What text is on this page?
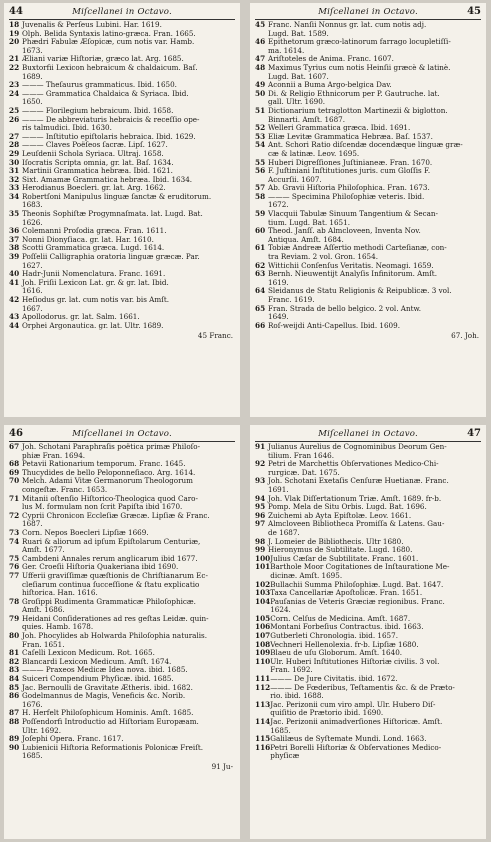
44	Miſcellanei in Octavo.
18 Juvenalis & Perſeus Lubini. Har. 1619.
19 Olph. Belida Syntaxis latino-græca. Fran. 1665.
20 Phædri Fabulæ Æſopicæ, cum notis var. Hamb.
1673.
21 Æliani variæ Hiſtoriæ, græco lat. Arg. 1685.
22 Buxtorfii Lexicon hebraicum & chaldaicum. Baſ.
1689.
23 ——— Theſaurus grammaticus. Ibid. 1650.
24 ——— Grammatica Chaldaica & Syriaca. Ibid.
1650.
25 ——— Florilegium hebraicum. Ibid. 1658.
26 ——— De abbreviaturis hebraicis & receſſio ope-
ris talmudici. Ibid. 1630.
27 ——— Inſtitutio epiſtolaris hebraica. Ibid. 1629.
28 ——— Claves Poëſeos ſacræ. Lipſ. 1627.
29 Leuſdenii Schola Syriaca. Ultraj. 1658.
30 Iſocratis Scripta omnia, gr. lat. Baſ. 1634.
31 Martinii Grammatica hebræa. Ibid. 1621.
32 Sixt. Amamæ Grammatica hebræa. Ibid. 1634.
33 Herodianus Boecleri. gr. lat. Arg. 1662.
34 Robertſoni Manipulus linguæ ſanctæ & eruditorum.
1683.
35 Theonis Sophiſtæ Progymnaſmata. lat. Lugd. Bat.
1626.
36 Colemanni Proſodia græca. Fran. 1611.
37 Nonni Dionyſiaca. gr. lat. Har. 1610.
38 Scotti Grammatica græca. Lugd. 1614.
39 Poſſelii Calligraphia oratoria linguæ græcæ. Par.
1627.
40 Hadr-Junii Nomenclatura. Franc. 1691.
41 Joh. Friſii Lexicon Lat. gr. & gr. lat. Ibid.
1616.
42 Heſiodus gr. lat. cum notis var. bis Amſt.
1667.
43 Apollodorus. gr. lat. Salm. 1661.
44 Orphei Argonautica. gr. lat. Ultr. 1689.
45 Franc.
45
Miſcellanei in Octavo.
45 Franc. Nanſii Nonnus gr. lat. cum notis adj.
Lugd. Bat. 1589.
46 Epithetorum græco-latinorum farrago locupletiſſi-
ma. 1614.
47 Ariſtoteles de Anima. Franc. 1607.
48 Maximus Tyrius cum notis Heinſii græcè & latinè.
Lugd. Bat. 1607.
49 Aconnii a Buma Argo-belgica Dav.
50 Di. & Religio Ethnicorum per P. Gautruche. lat.
gall. Ultr. 1690.
51 Dictionarium tetraglotton Martinezii & biglotton.
Binnarti. Amſt. 1687.
52 Welleri Grammatica græca. Ibid. 1691.
53 Eliæ Levitæ Grammatica Hebræa. Baſ. 1537.
54 Ant. Schori Ratio diſcendæ docendæque linguæ græ-
cæ & latinæ. Leov. 1695.
55 Huberi Digreſſiones Juſtinianeæ. Fran. 1670.
56 F. Juſtiniani Inſtitutiones juris. cum Gloſſis F.
Accurſii. 1607.
57 Ab. Gravii Hiſtoria Philoſophica. Fran. 1673.
58 ——— Specimina Philoſophiæ veteris. Ibid.
1672.
59 Vlacquii Tabulæ Sinuum Tangentium & Secan-
tium. Lugd. Bat. 1651.
60 Theod. Janſſ. ab Almcloveen, Inventa Nov.
Antiqua. Amſt. 1684.
61 Tobiæ Andreæ Aſſertio methodi Carteſianæ, con-
tra Reviam. 2 vol. Gron. 1654.
62 Wittichii Conſenſus Veritatis. Neomagi. 1659.
63 Bernh. Nieuwentijt Analyſis Infinitorum. Amſt.
1619.
64 Sleidanus de Statu Religionis & Reipublicæ. 3 vol.
Franc. 1619.
65 Fran. Strada de bello belgico. 2 vol. Antw.
1649.
66 Roſ-weijdi Anti-Capellus. Ibid. 1609.
67. Joh.
46	Miſcellanei in Octavo.
67 Joh. Schotani Paraphraſis poëtica primæ Philoſo-
phiæ Fran. 1694.
68 Petavii Rationarium temporum. Franc. 1645.
69 Thucydides de bello Peloponneſiaco. Arg. 1614.
70 Melch. Adami Vitæ Germanorum Theologorum
congeſtæ. Franc. 1653.
71 Mitanii oſtenſio Hiſtorico-Theologica quod Caro-
lus M. formulam non ſcrit Papiſta ibid 1670.
72 Cyprii Chronicon Eccleſiæ Græcæ. Lipſiæ & Franc.
1687.
73 Corn. Nepos Boecleri Lipſiæ 1669.
74 Ruari & aliorum ad ipſum Epiſtolarum Centuriæ,
Amſt. 1677.
75 Cambdeni Annales rerum anglicarum ibid 1677.
76 Ger. Croeſii Hiſtoria Quakeriana ibid 1690.
77 Ufferii graviſſimæ quæſtionis de Chriſtianarum Ec-
cleſiarum continua ſucceſſione & ſtatu explicatio
hiſtorica. Han. 1616.
78 Groſippi Rudimenta Grammaticæ Philoſophicæ.
Amſt. 1686.
79 Heidani Conſiderationes ad res geſtas Leidæ. quin-
quies. Hamb. 1678.
80 Joh. Phocylides ab Holwarda Philoſophia naturalis.
Fran. 1651.
81 Caſelli Lexicon Medicum. Rot. 1665.
82 Blancardi Lexicon Medicum. Amſt. 1674.
83 ——— Praxeos Medicæ Idea nova. ibid. 1685.
84 Suiceri Compendium Phyſicæ. ibid. 1685.
85 Jac. Bernoulli de Gravitate Ætheris. ibid. 1682.
86 Godelmannus de Magis, Veneficis &c. Norib.
1676.
87 H. Herfelt Philoſophicum Hominis. Amſt. 1685.
88 Poſſendorfi Introductio ad Hiſtoriam Europæam.
Ultr. 1692.
89 Joſephi Opera. Franc. 1617.
90 Lubienicii Hiſtoria Reformationis Polonicæ Freiſt.
1685.
91 Ju-
47
Miſcellanei in Octavo.
91 Julianus Aurelius de Cognominibus Deorum Gen-
tilium. Fran 1646.
92 Petri de Marchettis Obſervationes Medico-Chi-
rurgicæ. Dat. 1675.
93 Joh. Schotani Exetaſis Cenſuræ Huetianæ. Franc.
1691.
94 Joh. Vlak Diſſertationum Triæ. Amſt. 1689. fr-b.
95 Pomp. Mela de Situ Orbis. Lugd. Bat. 1696.
96 Zuichemi ab Ayta Epiſtolæ. Leov. 1661.
97 Almcloveen Bibliotheca Promiſſa & Latens. Gau-
de 1687.
98 J. Lomeier de Bibliothecis. Ultr 1680.
99 Hieronymus de Subtilitate. Lugd. 1680.
100 Julius Cæſar de Subtilitate. Franc. 1601.
101 Barthole Moor Cogitationes de Inſtauratione Me-
dicinæ. Amſt. 1695.
102 Bullachii Summa Philoſophiæ. Lugd. Bat. 1647.
103 Taxa Cancellariæ Apoſtolicæ. Fran. 1651.
104 Pauſanias de Veteris Græciæ regionibus. Franc.
1624.
105 Corn. Celſus de Medicina. Amſt. 1687.
106 Montani Forbeſius Contractus. ibid. 1663.
107 Gutberleti Chronologia. ibid. 1657.
108 Vechneri Hellenolexia. fr-b. Lipſiæ 1680.
109 Blaeu de uſu Globorum. Amſt. 1640.
110 Ulr. Huberi Inſtitutiones Hiſtoriæ civilis. 3 vol.
Fran. 1692.
111 ——— De Jure Civitatis. ibid. 1672.
112 ——— De Fœderibus, Teſtamentis &c. & de Præto-
rio. ibid. 1688.
113 Jac. Perizonii cum viro ampl. Ulr. Hubero Diſ-
quiſitio de Prætorio ibid. 1690.
114 Jac. Perizonii animadverſiones Hiſtoricæ. Amſt.
1685.
115 Galilæus de Syſtemate Mundi. Lond. 1663.
116 Petri Borelli Hiſtoriæ & Obſervationes Medico-
phyſicæ
